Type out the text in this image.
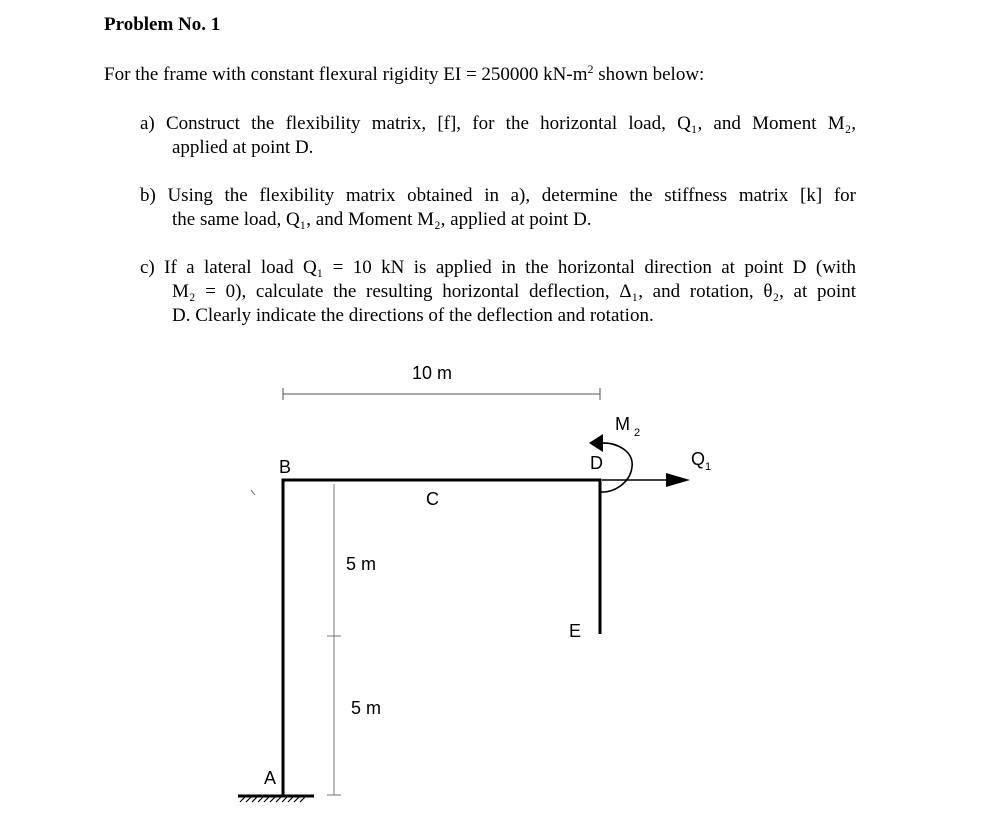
Problem No. 1
For the frame with constant flexural rigidity EI = 250000 $kN-m^2$ shown below:
a) Construct the flexibility matrix, [f], for the horizontal load, Q₁, and Moment M₂,
applied at point D.
b) Using the flexibility matrix obtained in a), determine the stiffness matrix [k] for
the same load, Q₁, and Moment M₂, applied at point D.
c) If a lateral load Q₁ = 10 kN is applied in the horizontal direction at point D (with
M₂ = 0), calculate the resulting horizontal deflection, Δ₁, and rotation, θ₂, at point
D. Clearly indicate the directions of the deflection and rotation.
10 m
5 m
5 m
A
B
C
D
E
M 2
Q 1
